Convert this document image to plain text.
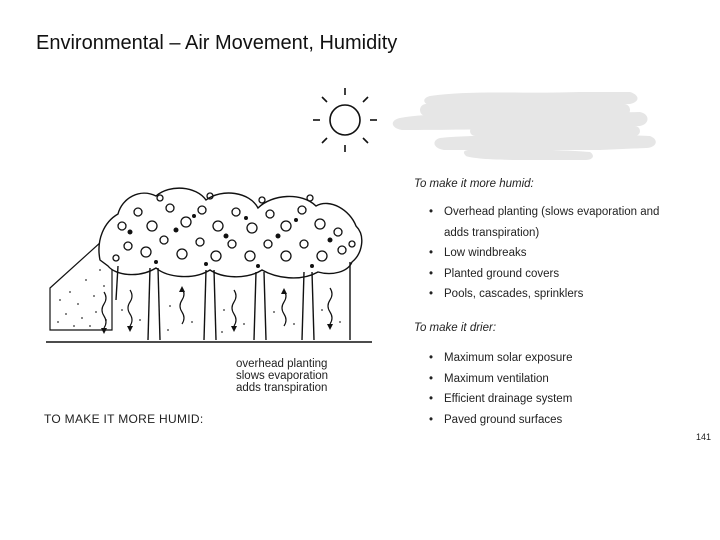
Environmental – Air Movement, Humidity
overhead planting
slows evaporation
adds transpiration
TO MAKE IT MORE HUMID:
To make it more humid:
• Overhead planting (slows evaporation and
adds transpiration)
• Low windbreaks
• Planted ground covers
• Pools, cascades, sprinklers
To make it drier:
• Maximum solar exposure
• Maximum ventilation
• Efficient drainage system
• Paved ground surfaces
141
